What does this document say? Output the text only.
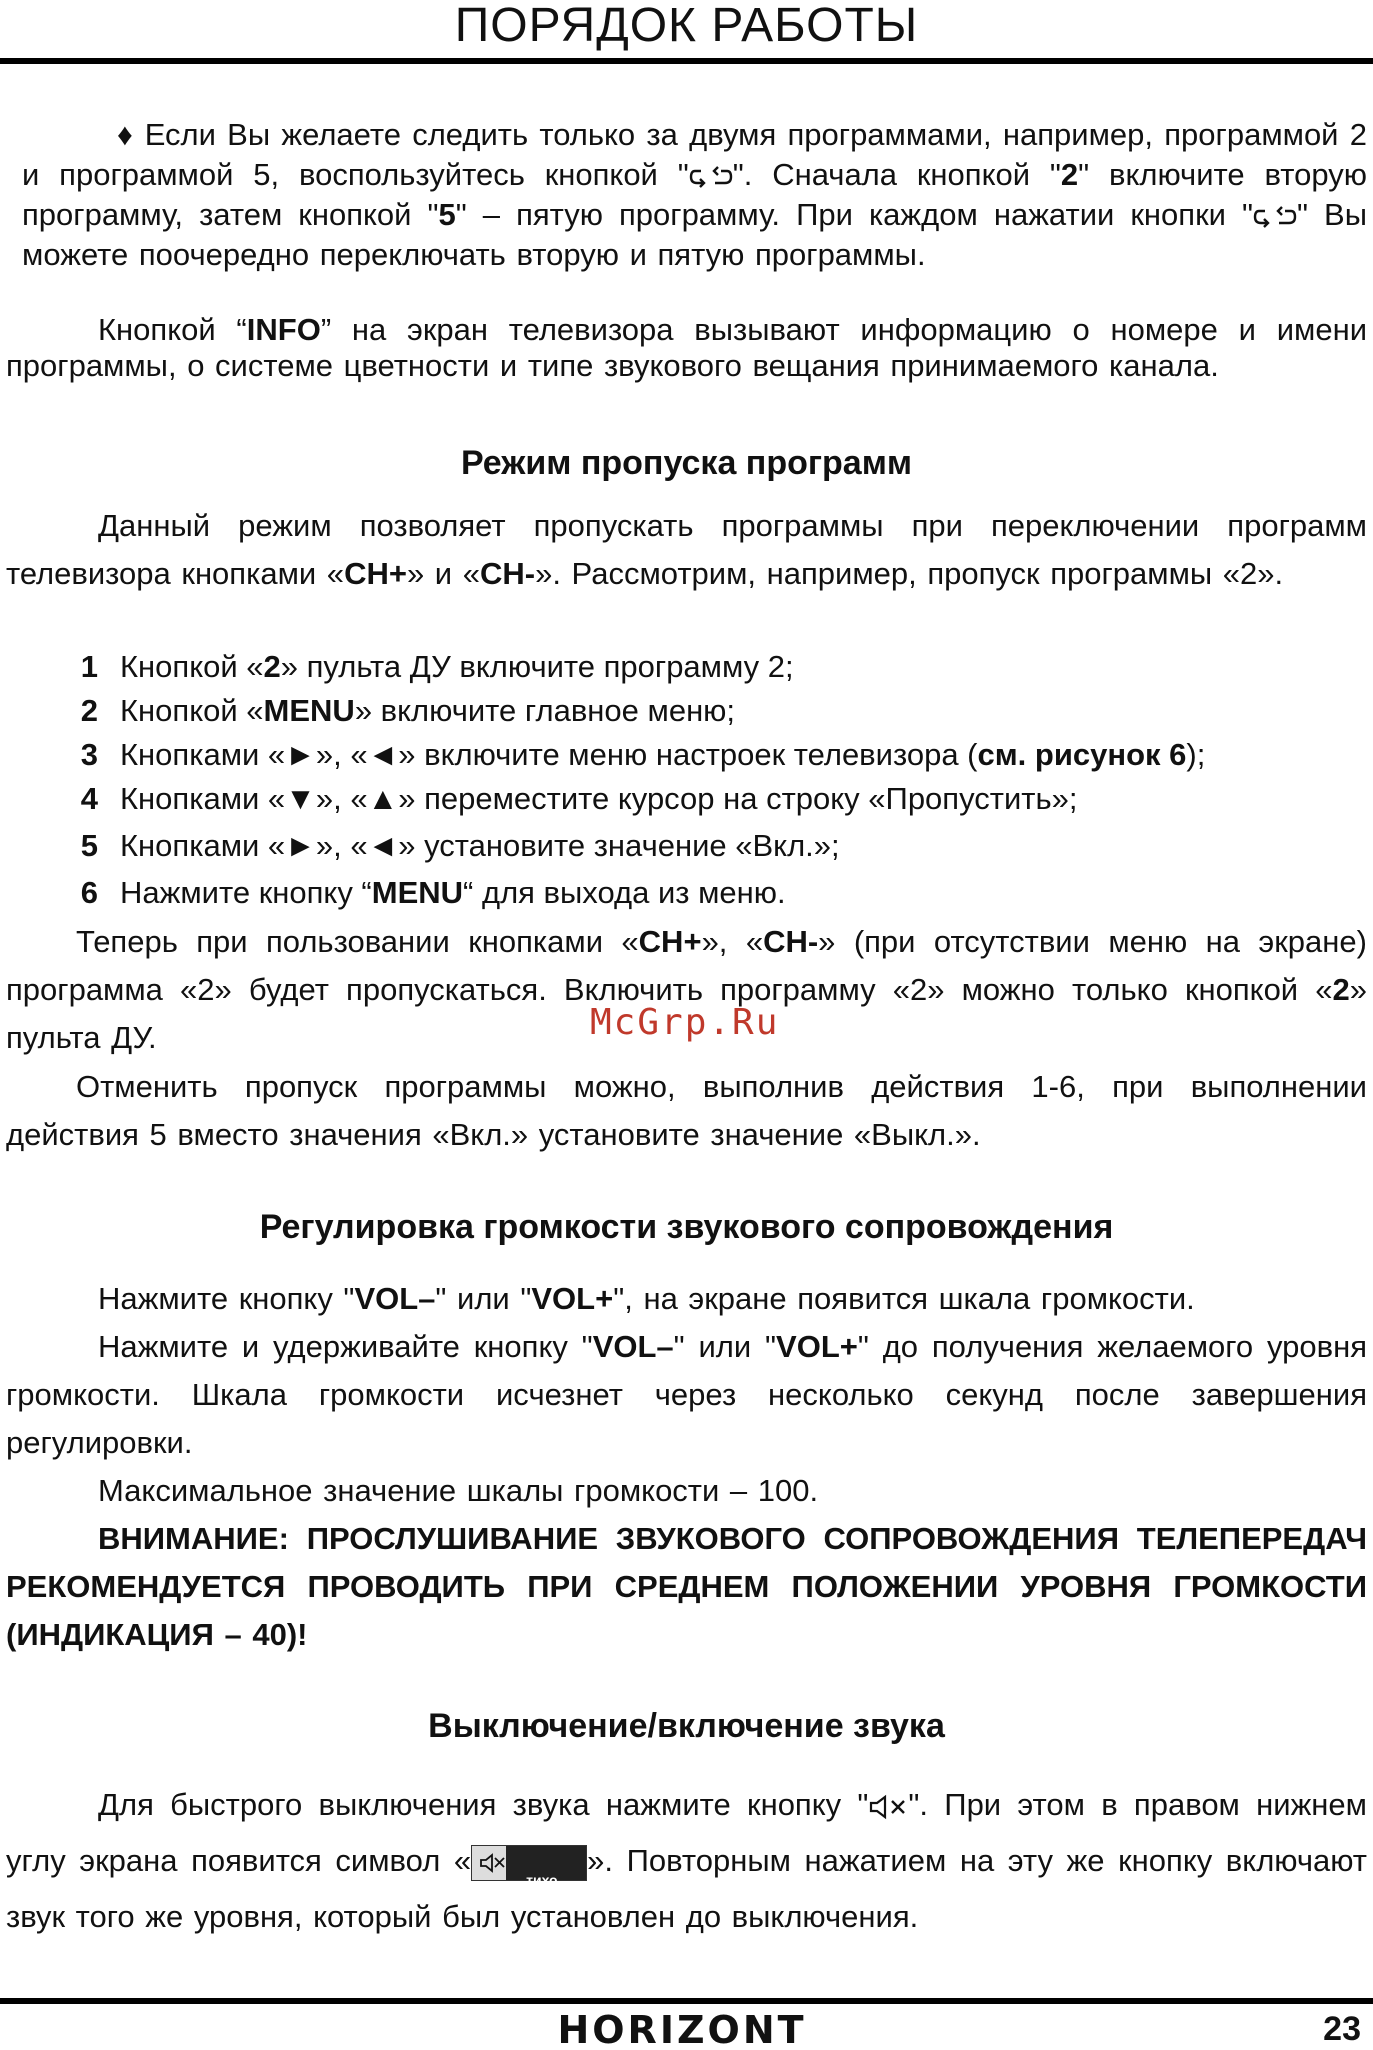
ПОРЯДОК РАБОТЫ
♦ Если Вы желаете следить только за двумя программами, например, программой 2 и программой 5, воспользуйтесь кнопкой " ". Сначала кнопкой "2" включите вторую программу, затем кнопкой "5" – пятую программу. При каждом нажатии кнопки " " Вы можете поочередно переключать вторую и пятую программы.
Кнопкой “INFO” на экран телевизора вызывают информацию о номере и имени программы, о системе цветности и типе звукового вещания принимаемого канала.
Режим пропуска программ
Данный режим позволяет пропускать программы при переключении программ телевизора кнопками «CH+» и «CH-». Рассмотрим, например, пропуск программы «2».
1 Кнопкой «2» пульта ДУ включите программу 2;
2 Кнопкой «MENU» включите главное меню;
3 Кнопками «►», «◄» включите меню настроек телевизора (см. рисунок 6);
4 Кнопками «▼», «▲» переместите курсор на строку «Пропустить»;
5 Кнопками «►», «◄» установите значение «Вкл.»;
6 Нажмите кнопку “MENU“ для выхода из меню.
Теперь при пользовании кнопками «CH+», «CH-» (при отсутствии меню на экране) программа «2» будет пропускаться. Включить программу «2» можно только кнопкой «2» пульта ДУ.	McGrp.Ru
Отменить пропуск программы можно, выполнив действия 1-6, при выполнении действия 5 вместо значения «Вкл.» установите значение «Выкл.».
Регулировка громкости звукового сопровождения
Нажмите кнопку "VOL–" или "VOL+", на экране появится шкала громкости.
Нажмите и удерживайте кнопку "VOL–" или "VOL+" до получения желаемого уровня громкости. Шкала громкости исчезнет через несколько секунд после завершения регулировки.
Максимальное значение шкалы громкости – 100.
ВНИМАНИЕ: ПРОСЛУШИВАНИЕ ЗВУКОВОГО СОПРОВОЖДЕНИЯ ТЕЛЕПЕРЕДАЧ РЕКОМЕНДУЕТСЯ ПРОВОДИТЬ ПРИ СРЕДНЕМ ПОЛОЖЕНИИ УРОВНЯ ГРОМКОСТИ (ИНДИКАЦИЯ – 40)!
Выключение/включение звука
Для быстрого выключения звука нажмите кнопку " ". При этом в правом нижнем углу экрана появится символ «
тихо
». Повторным нажатием на эту же кнопку включают звук того же уровня, который был установлен до выключения.
HORIZONT	23
